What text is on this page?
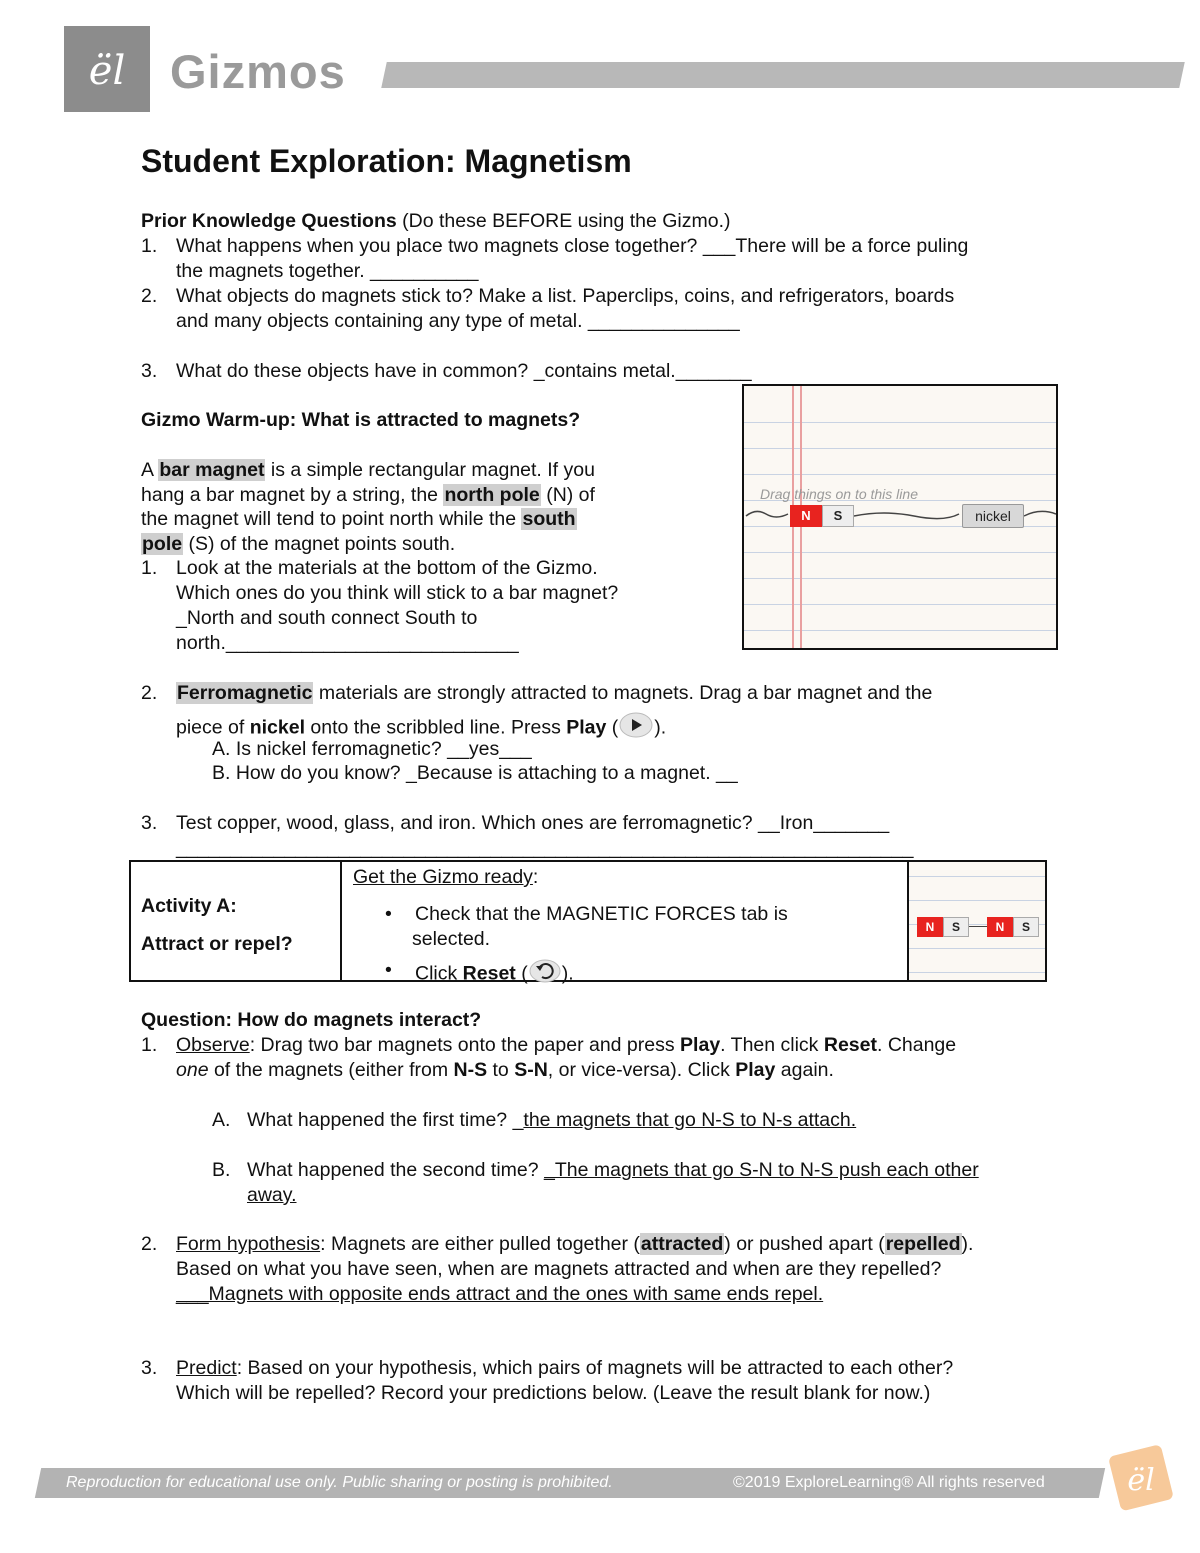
ël Gizmos
Student Exploration: Magnetism
Prior Knowledge Questions (Do these BEFORE using the Gizmo.)
1. What happens when you place two magnets close together? ___There will be a force puling
the magnets together. __________
2. What objects do magnets stick to? Make a list. Paperclips, coins, and refrigerators, boards
and many objects containing any type of metal. ______________
3. What do these objects have in common? _contains metal._______
Gizmo Warm-up: What is attracted to magnets?
A bar magnet is a simple rectangular magnet. If you
hang a bar magnet by a string, the north pole (N) of
the magnet will tend to point north while the south
pole (S) of the magnet points south.
1. Look at the materials at the bottom of the Gizmo.
Which ones do you think will stick to a bar magnet?
_North and south connect South to
north.___________________________
Drag things on to this line
N	S	nickel
2. Ferromagnetic materials are strongly attracted to magnets. Drag a bar magnet and the
piece of nickel onto the scribbled line. Press Play ( ).
A. Is nickel ferromagnetic? __yes___
B. How do you know? _Because is attaching to a magnet. __
3. Test copper, wood, glass, and iron. Which ones are ferromagnetic? __Iron_______
____________________________________________________________________
Activity A:
Attract or repel?
Get the Gizmo ready:
• Check that the MAGNETIC FORCES tab is
selected.
• Click Reset ( ).
N	S	N	S
Question: How do magnets interact?
1. Observe: Drag two bar magnets onto the paper and press Play. Then click Reset. Change
one of the magnets (either from N-S to S-N, or vice-versa). Click Play again.
A. What happened the first time? _the magnets that go N-S to N-s attach.
B. What happened the second time? _The magnets that go S-N to N-S push each other
away.
2. Form hypothesis: Magnets are either pulled together (attracted) or pushed apart (repelled).
Based on what you have seen, when are magnets attracted and when are they repelled?
___Magnets with opposite ends attract and the ones with same ends repel.
3. Predict: Based on your hypothesis, which pairs of magnets will be attracted to each other?
Which will be repelled? Record your predictions below. (Leave the result blank for now.)
Reproduction for educational use only. Public sharing or posting is prohibited.	©2019 ExploreLearning® All rights reserved	ël
